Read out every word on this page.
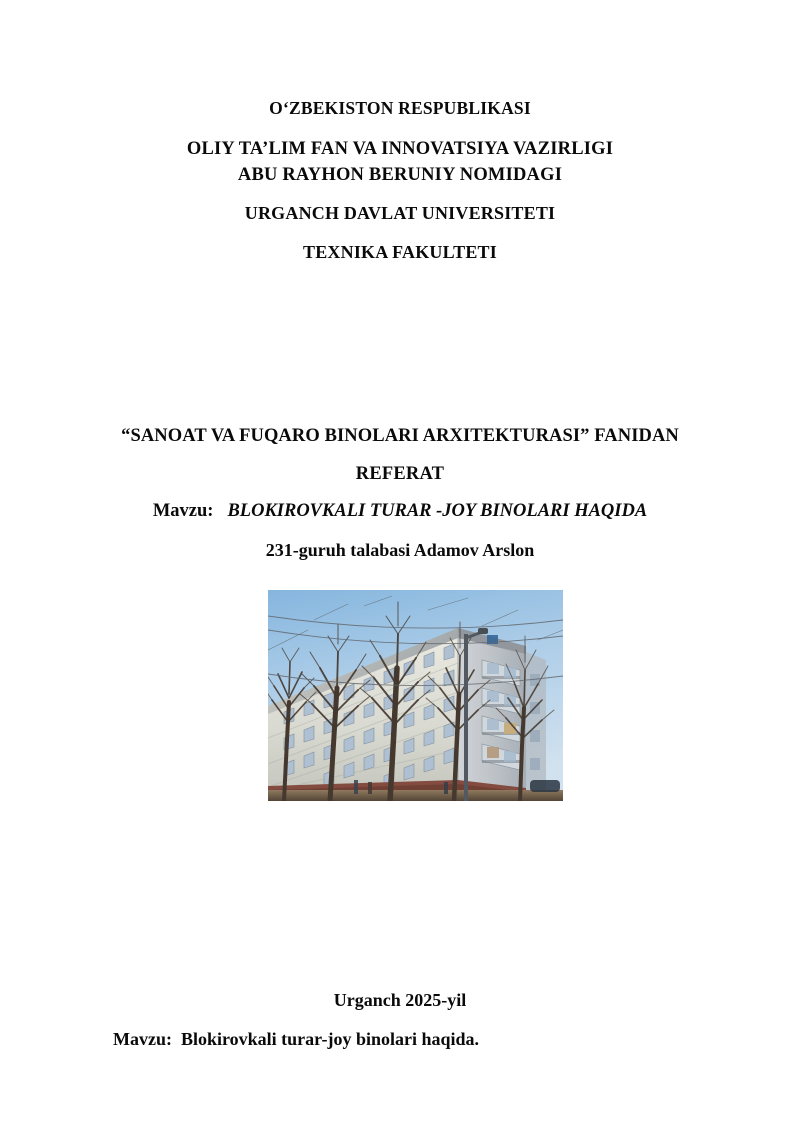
O‘ZBEKISTON RESPUBLIKASI
OLIY TA’LIM FAN VA INNOVATSIYA VAZIRLIGI
ABU RAYHON BERUNIY NOMIDAGI
URGANCH DAVLAT UNIVERSITETI
TEXNIKA FAKULTETI
“SANOAT VA FUQARO BINOLARI ARXITEKTURASI” FANIDAN
REFERAT
Mavzu: BLOKIROVKALI TURAR -JOY BINOLARI HAQIDA
231-guruh talabasi Adamov Arslon
Urganch 2025-yil
Mavzu: Blokirovkali turar-joy binolari haqida.
